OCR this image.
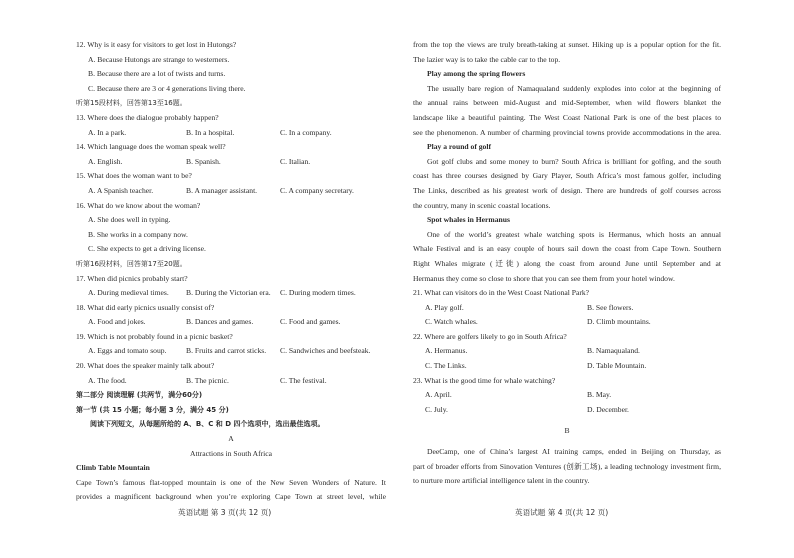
12. Why is it easy for visitors to get lost in Hutongs?
A. Because Hutongs are strange to westerners.
B. Because there are a lot of twists and turns.
C. Because there are 3 or 4 generations living there.
听第15段材料，回答第13至16题。
13. Where does the dialogue probably happen?
A. In a park.	B. In a hospital.	C. In a company.
14. Which language does the woman speak well?
A. English.	B. Spanish.	C. Italian.
15. What does the woman want to be?
A. A Spanish teacher.	B. A manager assistant.	C. A company secretary.
16. What do we know about the woman?
A. She does well in typing.
B. She works in a company now.
C. She expects to get a driving license.
听第16段材料，回答第17至20题。
17. When did picnics probably start?
A. During medieval times.	B. During the Victorian era.	C. During modern times.
18. What did early picnics usually consist of?
A. Food and jokes.	B. Dances and games.	C. Food and games.
19. Which is not probably found in a picnic basket?
A. Eggs and tomato soup.	B. Fruits and carrot sticks.	C. Sandwiches and beefsteak.
20. What does the speaker mainly talk about?
A. The food.	B. The picnic.	C. The festival.
第二部分 阅读理解 (共两节，满分60分)
第一节 (共 15 小题；每小题 3 分，满分 45 分)
阅读下列短文，从每题所给的 A、B、C 和 D 四个选项中，选出最佳选项。
A
Attractions in South Africa
Climb Table Mountain
Cape Town’s famous flat-topped mountain is one of the New Seven Wonders of Nature. It
provides a magnificent background when you’re exploring Cape Town at street level, while
英语试题 第 3 页(共 12 页)
from the top the views are truly breath-taking at sunset. Hiking up is a popular option for the fit.
The lazier way is to take the cable car to the top.
Play among the spring flowers
The usually bare region of Namaqualand suddenly explodes into color at the beginning of
the annual rains between mid-August and mid-September, when wild flowers blanket the
landscape like a beautiful painting. The West Coast National Park is one of the best places to
see the phenomenon. A number of charming provincial towns provide accommodations in the area.
Play a round of golf
Got golf clubs and some money to burn? South Africa is brilliant for golfing, and the south
coast has three courses designed by Gary Player, South Africa’s most famous golfer, including
The Links, described as his greatest work of design. There are hundreds of golf courses across
the country, many in scenic coastal locations.
Spot whales in Hermanus
One of the world’s greatest whale watching spots is Hermanus, which hosts an annual
Whale Festival and is an easy couple of hours sail down the coast from Cape Town. Southern
Right Whales migrate (迁徙) along the coast from around June until September and at
Hermanus they come so close to shore that you can see them from your hotel window.
21. What can visitors do in the West Coast National Park?
A. Play golf.	B. See flowers.
C. Watch whales.	D. Climb mountains.
22. Where are golfers likely to go in South Africa?
A. Hermanus.	B. Namaqualand.
C. The Links.	D. Table Mountain.
23. What is the good time for whale watching?
A. April.	B. May.
C. July.	D. December.
B
DeeCamp, one of China’s largest AI training camps, ended in Beijing on Thursday, as
part of broader efforts from Sinovation Ventures (创新工场), a leading technology investment firm,
to nurture more artificial intelligence talent in the country.
英语试题 第 4 页(共 12 页)
